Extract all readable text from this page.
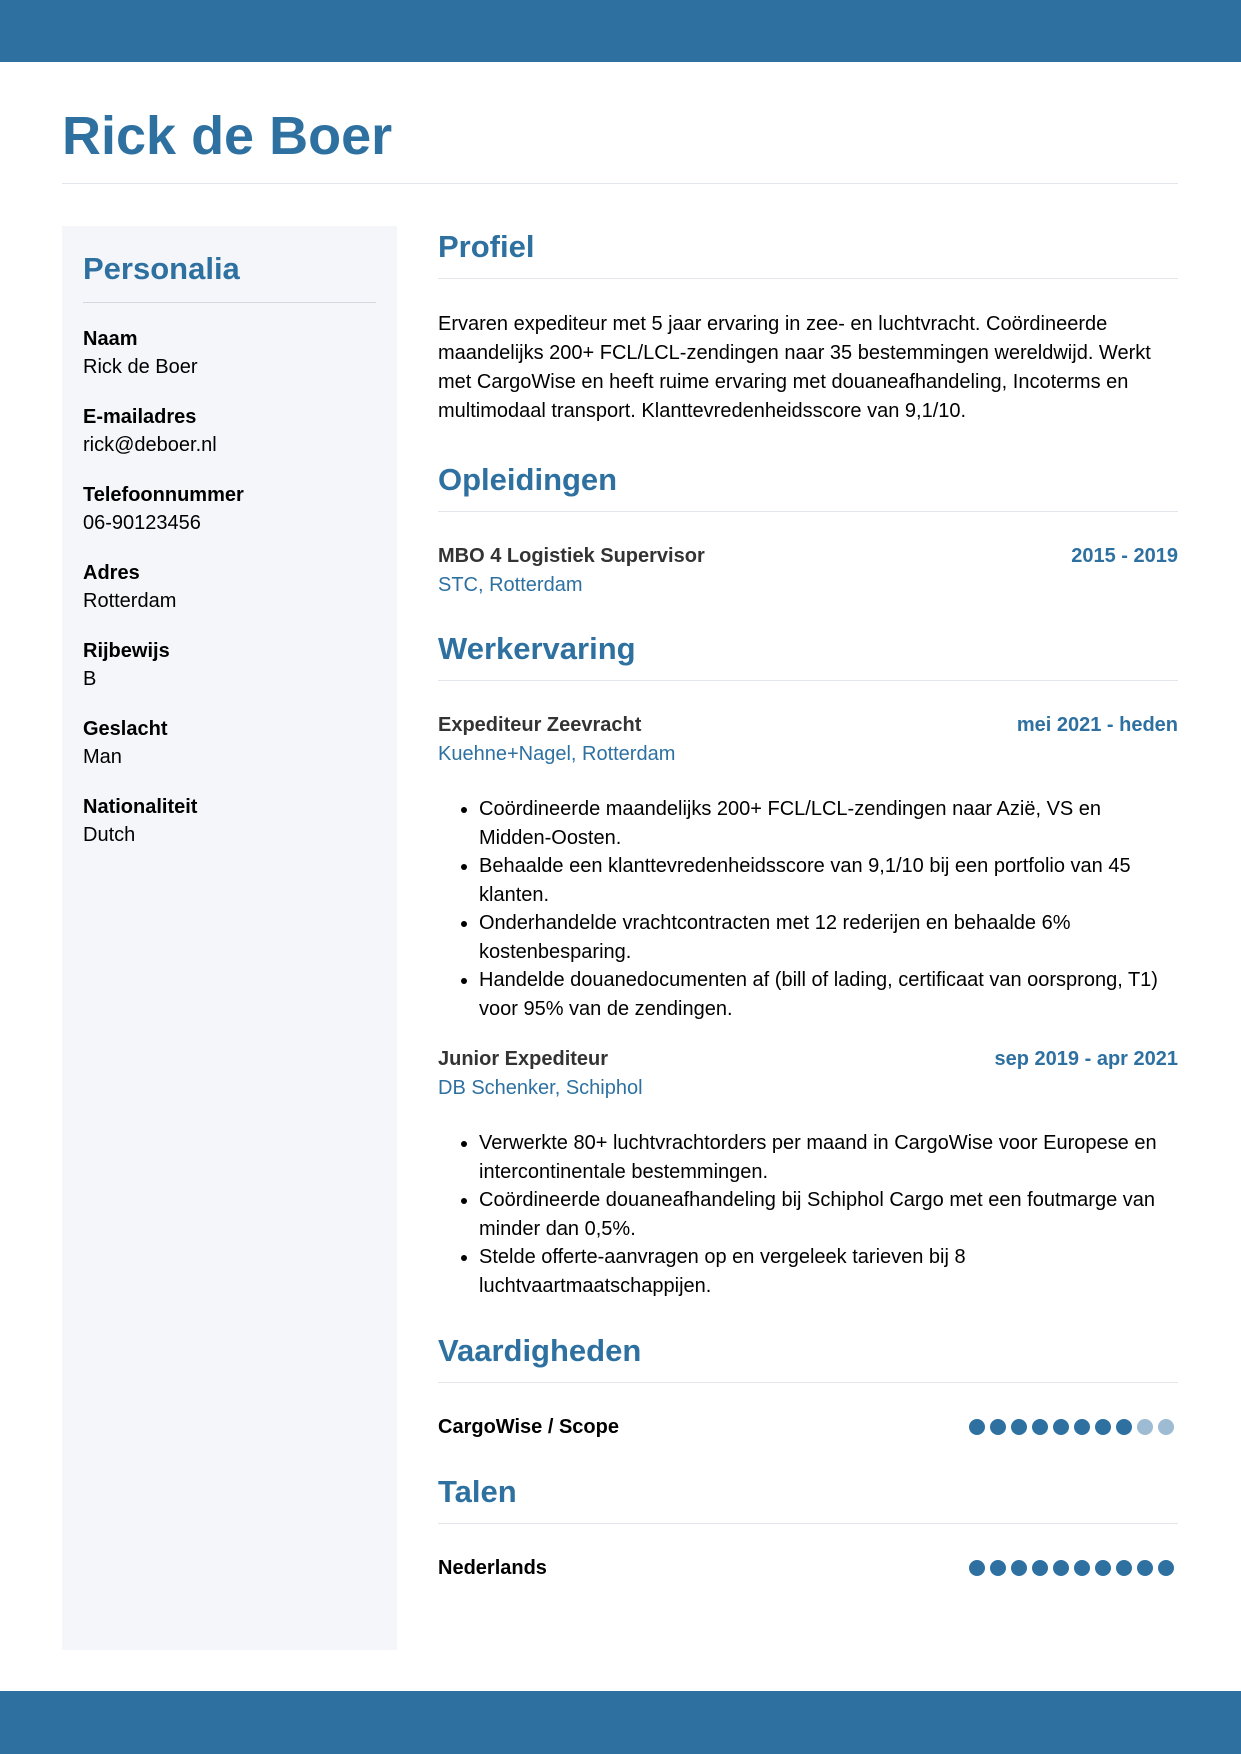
Rick de Boer
Personalia
Naam
Rick de Boer
E-mailadres
rick@deboer.nl
Telefoonnummer
06-90123456
Adres
Rotterdam
Rijbewijs
B
Geslacht
Man
Nationaliteit
Dutch
Profiel

Ervaren expediteur met 5 jaar ervaring in zee- en luchtvracht. Coördineerde maandelijks 200+ FCL/LCL-zendingen naar 35 bestemmingen wereldwijd. Werkt met CargoWise en heeft ruime ervaring met douaneafhandeling, Incoterms en multimodaal transport. Klanttevredenheidsscore van 9,1/10.

Opleidingen
MBO 4 Logistiek Supervisor	2015 - 2019
STC, Rotterdam
Werkervaring
Expediteur Zeevracht	mei 2021 - heden
Kuehne+Nagel, Rotterdam
• Coördineerde maandelijks 200+ FCL/LCL-zendingen naar Azië, VS en Midden-Oosten.
• Behaalde een klanttevredenheidsscore van 9,1/10 bij een portfolio van 45 klanten.
• Onderhandelde vrachtcontracten met 12 rederijen en behaalde 6% kostenbesparing.
• Handelde douanedocumenten af (bill of lading, certificaat van oorsprong, T1) voor 95% van de zendingen.
Junior Expediteur	sep 2019 - apr 2021
DB Schenker, Schiphol
• Verwerkte 80+ luchtvrachtorders per maand in CargoWise voor Europese en intercontinentale bestemmingen.
• Coördineerde douaneafhandeling bij Schiphol Cargo met een foutmarge van minder dan 0,5%.
• Stelde offerte-aanvragen op en vergeleek tarieven bij 8 luchtvaartmaatschappijen.
Vaardigheden
CargoWise / Scope
Talen
Nederlands
